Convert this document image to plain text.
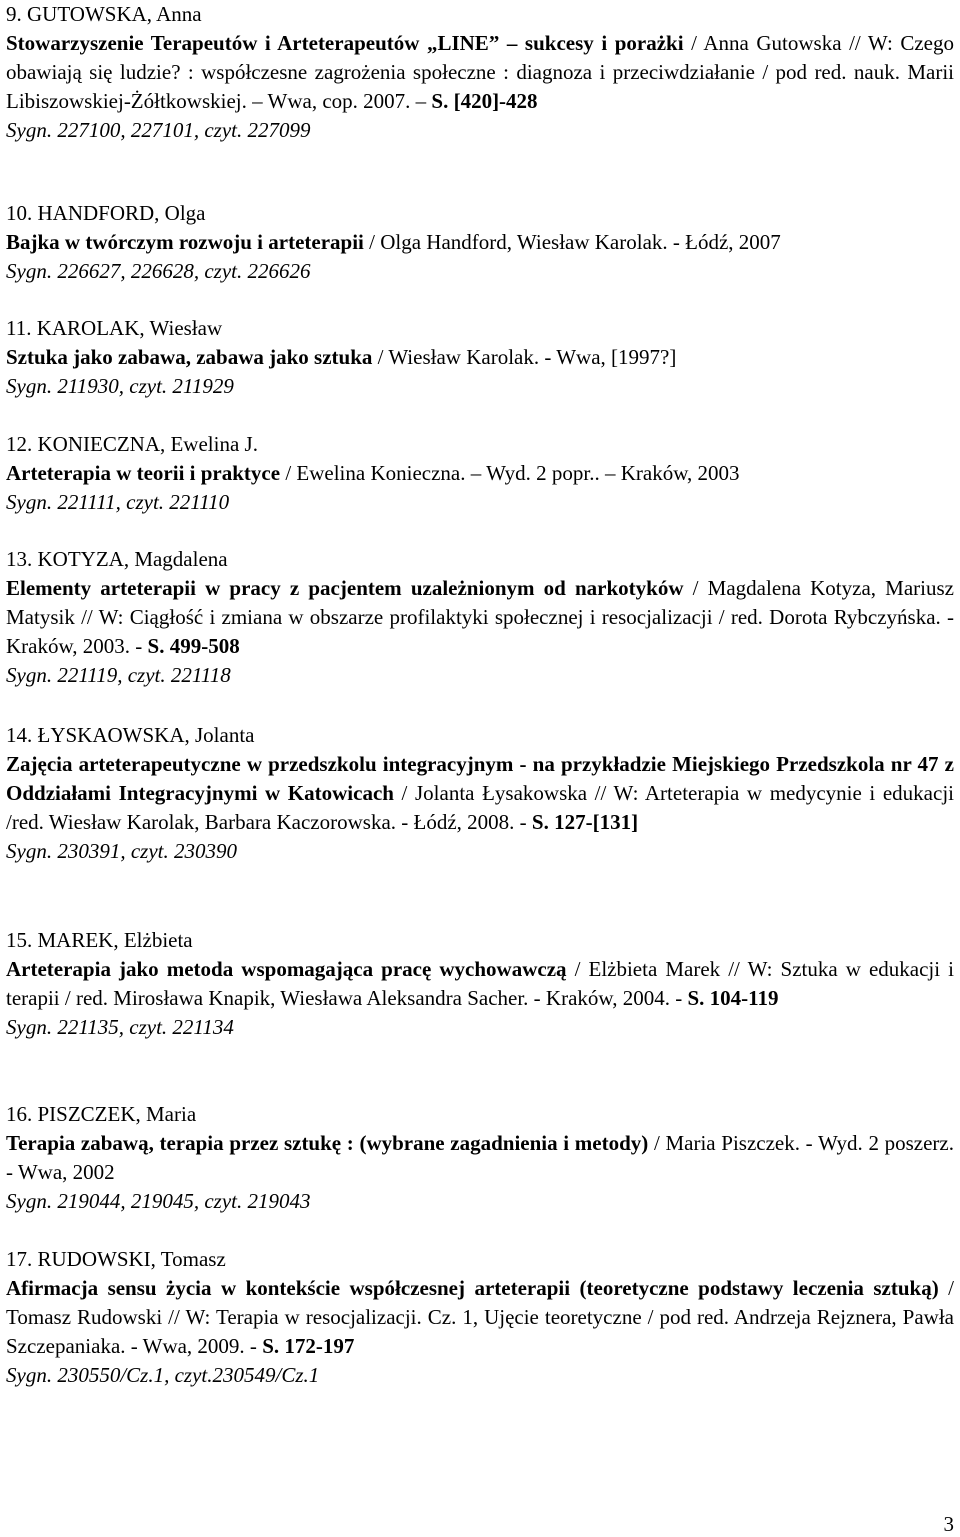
9. GUTOWSKA, Anna

Stowarzyszenie Terapeutów i Arteterapeutów „LINE” – sukcesy i porażki / Anna Gutowska // W: Czego obawiają się ludzie? : współczesne zagrożenia społeczne : diagnoza i przeciwdziałanie / pod red. nauk. Marii Libiszowskiej-Żółtkowskiej. – Wwa, cop. 2007. – S. [420]-428

Sygn. 227100, 227101, czyt. 227099

10. HANDFORD, Olga

Bajka w twórczym rozwoju i arteterapii / Olga Handford, Wiesław Karolak. - Łódź, 2007

Sygn. 226627, 226628, czyt. 226626

11. KAROLAK, Wiesław

Sztuka jako zabawa, zabawa jako sztuka / Wiesław Karolak. - Wwa, [1997?]

Sygn. 211930, czyt. 211929

12. KONIECZNA, Ewelina J.

Arteterapia w teorii i praktyce / Ewelina Konieczna. – Wyd. 2 popr.. – Kraków, 2003

Sygn. 221111, czyt. 221110

13. KOTYZA, Magdalena

Elementy arteterapii w pracy z pacjentem uzależnionym od narkotyków / Magdalena Kotyza, Mariusz Matysik // W: Ciągłość i zmiana w obszarze profilaktyki społecznej i resocjalizacji / red. Dorota Rybczyńska. - Kraków, 2003. - S. 499-508

Sygn. 221119, czyt. 221118

14. ŁYSKAOWSKA, Jolanta

Zajęcia arteterapeutyczne w przedszkolu integracyjnym - na przykładzie Miejskiego Przedszkola nr 47 z Oddziałami Integracyjnymi w Katowicach / Jolanta Łysakowska // W: Arteterapia w medycynie i edukacji /red. Wiesław Karolak, Barbara Kaczorowska. - Łódź, 2008. - S. 127-[131]

Sygn. 230391, czyt. 230390

15. MAREK, Elżbieta

Arteterapia jako metoda wspomagająca pracę wychowawczą / Elżbieta Marek // W: Sztuka w edukacji i terapii / red. Mirosława Knapik, Wiesława Aleksandra Sacher. - Kraków, 2004. - S. 104-119

Sygn. 221135, czyt. 221134

16. PISZCZEK, Maria

Terapia zabawą, terapia przez sztukę : (wybrane zagadnienia i metody) / Maria Piszczek. - Wyd. 2 poszerz. - Wwa, 2002

Sygn. 219044, 219045, czyt. 219043

17. RUDOWSKI, Tomasz

Afirmacja sensu życia w kontekście współczesnej arteterapii (teoretyczne podstawy leczenia sztuką) / Tomasz Rudowski // W: Terapia w resocjalizacji. Cz. 1, Ujęcie teoretyczne / pod red. Andrzeja Rejznera, Pawła Szczepaniaka. - Wwa, 2009. - S. 172-197

Sygn. 230550/Cz.1, czyt.230549/Cz.1

3
